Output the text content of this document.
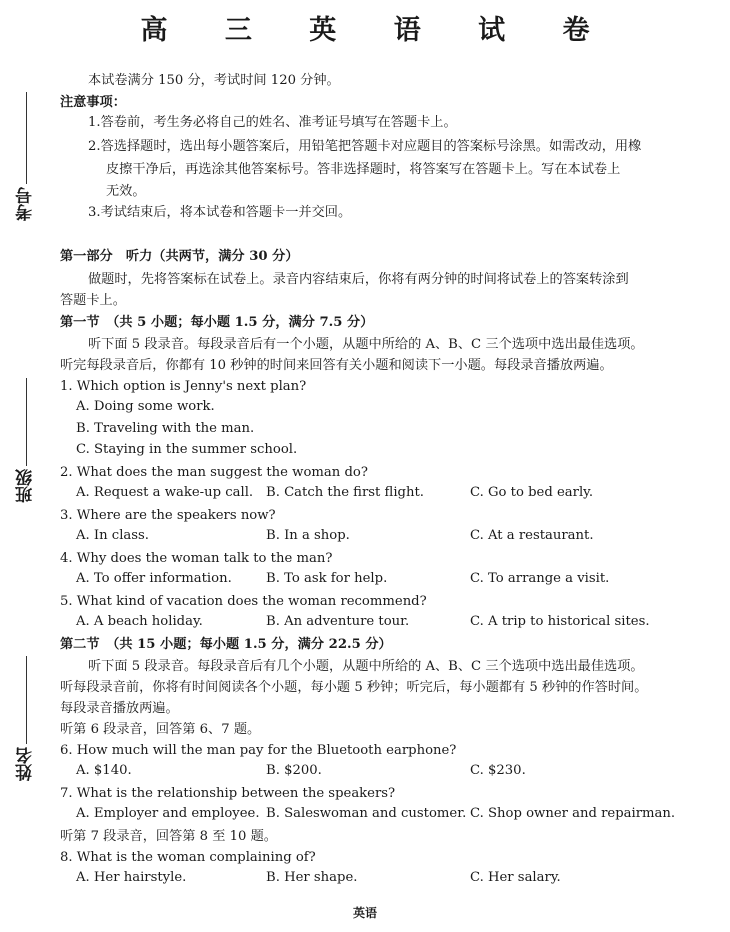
高 三 英 语 试 卷
考号
班级
姓名
本试卷满分 150 分，考试时间 120 分钟。
注意事项：
1.答卷前，考生务必将自己的姓名、准考证号填写在答题卡上。
2.答选择题时，选出每小题答案后，用铅笔把答题卡对应题目的答案标号涂黑。如需改动，用橡
皮擦干净后，再选涂其他答案标号。答非选择题时，将答案写在答题卡上。写在本试卷上
无效。
3.考试结束后，将本试卷和答题卡一并交回。
第一部分　听力（共两节，满分 30 分）
做题时，先将答案标在试卷上。录音内容结束后，你将有两分钟的时间将试卷上的答案转涂到
答题卡上。
第一节　（共 5 小题；每小题 1.5 分，满分 7.5 分）
听下面 5 段录音。每段录音后有一个小题，从题中所给的 A、B、C 三个选项中选出最佳选项。
听完每段录音后，你都有 10 秒钟的时间来回答有关小题和阅读下一小题。每段录音播放两遍。
1. Which option is Jenny's next plan?
A. Doing some work.
B. Traveling with the man.
C. Staying in the summer school.
2. What does the man suggest the woman do?
A. Request a wake-up call. B. Catch the first flight.	C. Go to bed early.
3. Where are the speakers now?
A. In class.	B. In a shop.	C. At a restaurant.
4. Why does the woman talk to the man?
A. To offer information.	B. To ask for help.	C. To arrange a visit.
5. What kind of vacation does the woman recommend?
A. A beach holiday.	B. An adventure tour.	C. A trip to historical sites.
第二节　（共 15 小题；每小题 1.5 分，满分 22.5 分）
听下面 5 段录音。每段录音后有几个小题，从题中所给的 A、B、C 三个选项中选出最佳选项。
听每段录音前，你将有时间阅读各个小题，每小题 5 秒钟；听完后，每小题都有 5 秒钟的作答时间。
每段录音播放两遍。
听第 6 段录音，回答第 6、7 题。
6. How much will the man pay for the Bluetooth earphone?
A. $140.	B. $200.	C. $230.
7. What is the relationship between the speakers?
A. Employer and employee. B. Saleswoman and customer. C. Shop owner and repairman.
听第 7 段录音，回答第 8 至 10 题。
8. What is the woman complaining of?
A. Her hairstyle.	B. Her shape.	C. Her salary.
英语
